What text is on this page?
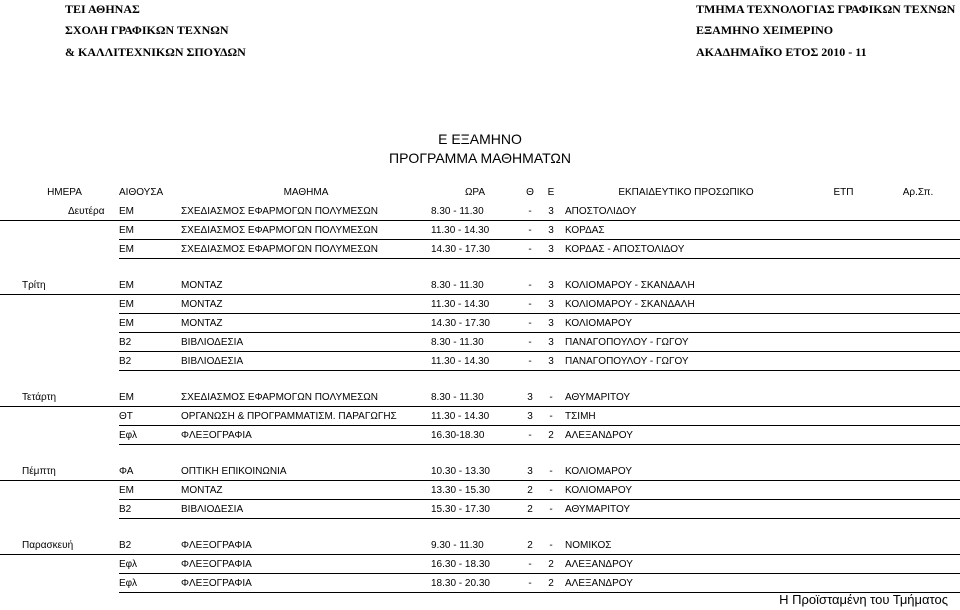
ΤΕΙ ΑΘΗΝΑΣ
ΣΧΟΛΗ ΓΡΑΦΙΚΩΝ ΤΕΧΝΩΝ
& ΚΑΛΛΙΤΕΧΝΙΚΩΝ ΣΠΟΥΔΩΝ
ΤΜΗΜΑ ΤΕΧΝΟΛΟΓΙΑΣ ΓΡΑΦΙΚΩΝ ΤΕΧΝΩΝ
ΕΞΑΜΗΝΟ ΧΕΙΜΕΡΙΝΟ
ΑΚΑΔΗΜΑΪΚΟ ΕΤΟΣ 2010 - 11
Ε ΕΞΑΜΗΝΟ
ΠΡΟΓΡΑΜΜΑ ΜΑΘΗΜΑΤΩΝ
ΗΜΕΡΑ	ΑΙΘΟΥΣΑ	ΜΑΘΗΜΑ	ΩΡΑ	Θ	Ε	ΕΚΠΑΙΔΕΥΤΙΚΟ ΠΡΟΣΩΠΙΚΟ	ΕΤΠ	Αρ.Σπ.
Δευτέρα	ΕΜ	ΣΧΕΔΙΑΣΜΟΣ ΕΦΑΡΜΟΓΩΝ ΠΟΛΥΜΕΣΩΝ	8.30 - 11.30	-	3	ΑΠΟΣΤΟΛΙΔΟΥ		
	ΕΜ	ΣΧΕΔΙΑΣΜΟΣ ΕΦΑΡΜΟΓΩΝ ΠΟΛΥΜΕΣΩΝ	11.30 - 14.30	-	3	ΚΟΡΔΑΣ		
	ΕΜ	ΣΧΕΔΙΑΣΜΟΣ ΕΦΑΡΜΟΓΩΝ ΠΟΛΥΜΕΣΩΝ	14.30 - 17.30	-	3	ΚΟΡΔΑΣ - ΑΠΟΣΤΟΛΙΔΟΥ		

Τρίτη	ΕΜ	ΜΟΝΤΑΖ	8.30 - 11.30	-	3	ΚΟΛΙΟΜΑΡΟΥ - ΣΚΑΝΔΑΛΗ		
	ΕΜ	ΜΟΝΤΑΖ	11.30 - 14.30	-	3	ΚΟΛΙΟΜΑΡΟΥ - ΣΚΑΝΔΑΛΗ		
	ΕΜ	ΜΟΝΤΑΖ	14.30 - 17.30	-	3	ΚΟΛΙΟΜΑΡΟΥ		
	Β2	ΒΙΒΛΙΟΔΕΣΙΑ	8.30 - 11.30	-	3	ΠΑΝΑΓΟΠΟΥΛΟΥ - ΓΩΓΟΥ		
	Β2	ΒΙΒΛΙΟΔΕΣΙΑ	11.30 - 14.30	-	3	ΠΑΝΑΓΟΠΟΥΛΟΥ - ΓΩΓΟΥ		

Τετάρτη	ΕΜ	ΣΧΕΔΙΑΣΜΟΣ ΕΦΑΡΜΟΓΩΝ ΠΟΛΥΜΕΣΩΝ	8.30 - 11.30	3	-	ΑΘΥΜΑΡΙΤΟΥ		
	ΘΤ	ΟΡΓΑΝΩΣΗ & ΠΡΟΓΡΑΜΜΑΤΙΣΜ. ΠΑΡΑΓΩΓΗΣ	11.30 - 14.30	3	-	ΤΣΙΜΗ		
	Εφλ	ΦΛΕΞΟΓΡΑΦΙΑ	16.30-18.30	-	2	ΑΛΕΞΑΝΔΡΟΥ		

Πέμπτη	ΦΑ	ΟΠΤΙΚΗ ΕΠΙΚΟΙΝΩΝΙΑ	10.30 - 13.30	3	-	ΚΟΛΙΟΜΑΡΟΥ		
	ΕΜ	ΜΟΝΤΑΖ	13.30 - 15.30	2	-	ΚΟΛΙΟΜΑΡΟΥ		
	Β2	ΒΙΒΛΙΟΔΕΣΙΑ	15.30 - 17.30	2	-	ΑΘΥΜΑΡΙΤΟΥ		

Παρασκευή	Β2	ΦΛΕΞΟΓΡΑΦΙΑ	9.30 - 11.30	2	-	ΝΟΜΙΚΟΣ		
	Εφλ	ΦΛΕΞΟΓΡΑΦΙΑ	16.30 - 18.30	-	2	ΑΛΕΞΑΝΔΡΟΥ		
	Εφλ	ΦΛΕΞΟΓΡΑΦΙΑ	18.30 - 20.30	-	2	ΑΛΕΞΑΝΔΡΟΥ		
Η Προϊσταμένη του Τμήματος
